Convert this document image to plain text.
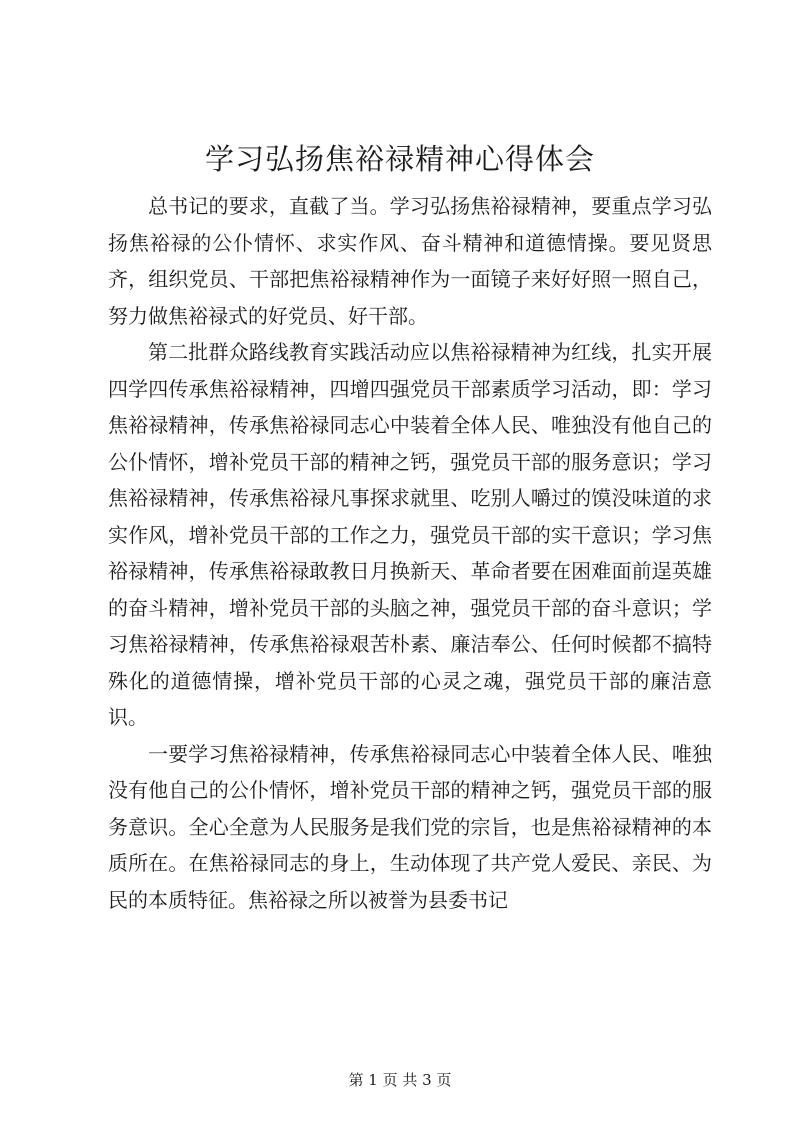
学习弘扬焦裕禄精神心得体会

总书记的要求，直截了当。学习弘扬焦裕禄精神，要重点学习弘扬焦裕禄的公仆情怀、求实作风、奋斗精神和道德情操。要见贤思齐，组织党员、干部把焦裕禄精神作为一面镜子来好好照一照自己，努力做焦裕禄式的好党员、好干部。

第二批群众路线教育实践活动应以焦裕禄精神为红线，扎实开展四学四传承焦裕禄精神，四增四强党员干部素质学习活动，即：学习焦裕禄精神，传承焦裕禄同志心中装着全体人民、唯独没有他自己的公仆情怀，增补党员干部的精神之钙，强党员干部的服务意识；学习焦裕禄精神，传承焦裕禄凡事探求就里、吃别人嚼过的馍没味道的求实作风，增补党员干部的工作之力，强党员干部的实干意识；学习焦裕禄精神，传承焦裕禄敢教日月换新天、革命者要在困难面前逞英雄的奋斗精神，增补党员干部的头脑之神，强党员干部的奋斗意识；学习焦裕禄精神，传承焦裕禄艰苦朴素、廉洁奉公、任何时候都不搞特殊化的道德情操，增补党员干部的心灵之魂，强党员干部的廉洁意识。

一要学习焦裕禄精神，传承焦裕禄同志心中装着全体人民、唯独没有他自己的公仆情怀，增补党员干部的精神之钙，强党员干部的服务意识。全心全意为人民服务是我们党的宗旨，也是焦裕禄精神的本质所在。在焦裕禄同志的身上，生动体现了共产党人爱民、亲民、为民的本质特征。焦裕禄之所以被誉为县委书记

第 1 页 共 3 页
